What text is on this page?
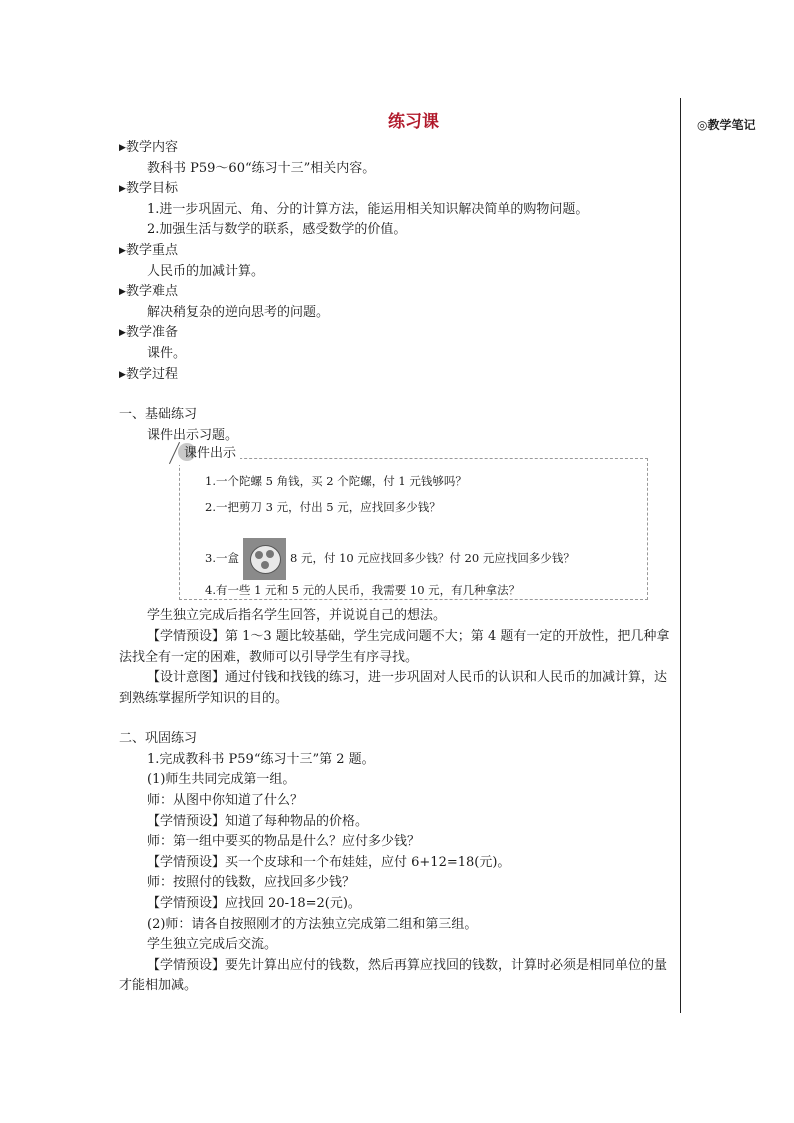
◎教学笔记
练习课
▶教学内容
教科书 P59～60“练习十三”相关内容。
▶教学目标
1.进一步巩固元、角、分的计算方法，能运用相关知识解决简单的购物问题。
2.加强生活与数学的联系，感受数学的价值。
▶教学重点
人民币的加减计算。
▶教学难点
解决稍复杂的逆向思考的问题。
▶教学准备
课件。
▶教学过程
一、基础练习
课件出示习题。
课件出示
1.一个陀螺 5 角钱，买 2 个陀螺，付 1 元钱够吗？
2.一把剪刀 3 元，付出 5 元，应找回多少钱？
3.一盒	8 元，付 10 元应找回多少钱？付 20 元应找回多少钱？
4.有一些 1 元和 5 元的人民币，我需要 10 元，有几种拿法？
学生独立完成后指名学生回答，并说说自己的想法。
【学情预设】第 1～3 题比较基础，学生完成问题不大；第 4 题有一定的开放性，把几种拿法找全有一定的困难，教师可以引导学生有序寻找。
【设计意图】通过付钱和找钱的练习，进一步巩固对人民币的认识和人民币的加减计算，达到熟练掌握所学知识的目的。
二、巩固练习
1.完成教科书 P59“练习十三”第 2 题。
(1)师生共同完成第一组。
师：从图中你知道了什么？
【学情预设】知道了每种物品的价格。
师：第一组中要买的物品是什么？应付多少钱？
【学情预设】买一个皮球和一个布娃娃，应付 6+12=18(元)。
师：按照付的钱数，应找回多少钱？
【学情预设】应找回 20-18=2(元)。
(2)师：请各自按照刚才的方法独立完成第二组和第三组。
学生独立完成后交流。
【学情预设】要先计算出应付的钱数，然后再算应找回的钱数，计算时必须是相同单位的量才能相加减。
